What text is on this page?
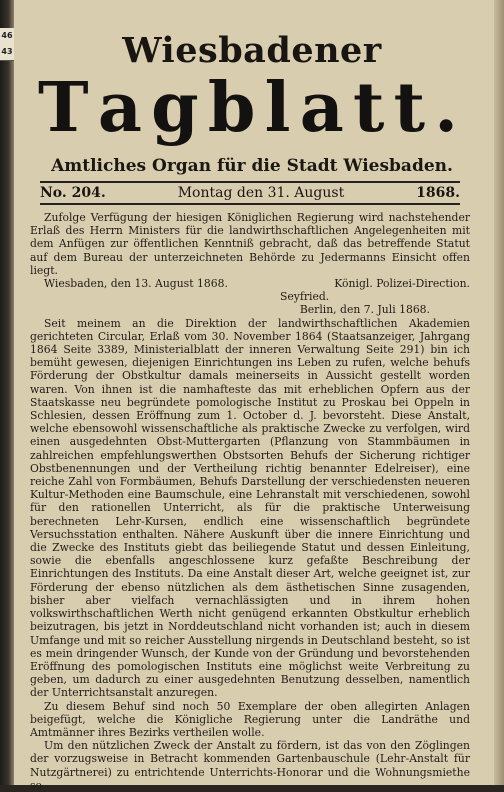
46
43	Wiesbadener
T a g b l a t t .
Amtliches Organ für die Stadt Wiesbaden.
No. 204.	Montag den 31. August	1868.

Zufolge Verfügung der hiesigen Königlichen Regierung wird nachstehender Erlaß des Herrn Ministers für die landwirthschaftlichen Angelegenheiten mit dem Anfügen zur öffentlichen Kenntniß gebracht, daß das betreffende Statut auf dem Bureau der unterzeichneten Behörde zu Jedermanns Einsicht offen liegt.

Wiesbaden, den 13. August 1868.	Königl. Polizei-Direction.

Seyfried.

Berlin, den 7. Juli 1868.

Seit meinem an die Direktion der landwirthschaftlichen Akademien gerichteten Circular, Erlaß vom 30. November 1864 (Staatsanzeiger, Jahrgang 1864 Seite 3389, Ministerialblatt der inneren Verwaltung Seite 291) bin ich bemüht gewesen, diejenigen Einrichtungen ins Leben zu rufen, welche behufs Förderung der Obstkultur damals meinerseits in Aussicht gestellt worden waren. Von ihnen ist die namhafteste das mit erheblichen Opfern aus der Staatskasse neu begründete pomologische Institut zu Proskau bei Oppeln in Schlesien, dessen Eröffnung zum 1. October d. J. bevorsteht. Diese Anstalt, welche ebensowohl wissenschaftliche als praktische Zwecke zu verfolgen, wird einen ausgedehnten Obst-Muttergarten (Pflanzung von Stammbäumen in zahlreichen empfehlungswerthen Obstsorten Behufs der Sicherung richtiger Obstbenennungen und der Vertheilung richtig benannter Edelreiser), eine reiche Zahl von Formbäumen, Behufs Darstellung der verschiedensten neueren Kultur-Methoden eine Baumschule, eine Lehranstalt mit verschiedenen, sowohl für den rationellen Unterricht, als für die praktische Unterweisung berechneten Lehr-Kursen, endlich eine wissenschaftlich begründete Versuchsstation enthalten. Nähere Auskunft über die innere Einrichtung und die Zwecke des Instituts giebt das beiliegende Statut und dessen Einleitung, sowie die ebenfalls angeschlossene kurz gefaßte Beschreibung der Einrichtungen des Instituts. Da eine Anstalt dieser Art, welche geeignet ist, zur Förderung der ebenso nützlichen als dem ästhetischen Sinne zusagenden, bisher aber vielfach vernachlässigten und in ihrem hohen volkswirthschaftlichen Werth nicht genügend erkannten Obstkultur erheblich beizutragen, bis jetzt in Norddeutschland nicht vorhanden ist; auch in diesem Umfange und mit so reicher Ausstellung nirgends in Deutschland besteht, so ist es mein dringender Wunsch, der Kunde von der Gründung und bevorstehenden Eröffnung des pomologischen Instituts eine möglichst weite Verbreitung zu geben, um dadurch zu einer ausgedehnten Benutzung desselben, namentlich der Unterrichtsanstalt anzuregen.

Zu diesem Behuf sind noch 50 Exemplare der oben allegirten Anlagen beigefügt, welche die Königliche Regierung unter die Landräthe und Amtmänner ihres Bezirks vertheilen wolle.

Um den nützlichen Zweck der Anstalt zu fördern, ist das von den Zöglingen der vorzugsweise in Betracht kommenden Gartenbauschule (Lehr-Anstalt für Nutzgärtnerei) zu entrichtende Unterrichts-Honorar und die Wohnungsmiethe so
